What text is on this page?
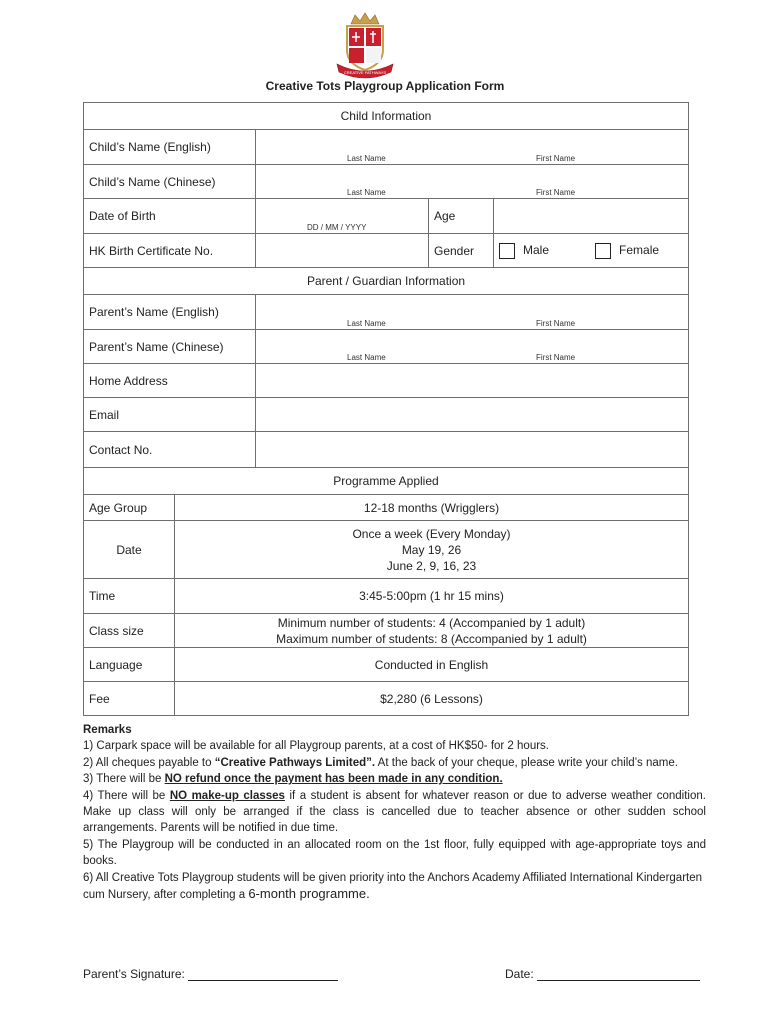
CREATIVE PATHWAYS
Creative Tots Playgroup Application Form
Child Information				
Child’s Name (English)		Last Name First Name		

Child’s Name (Chinese)		Last Name First Name		

Date of Birth		DD / MM / YYYY	Age	
HK Birth Certificate No.			Gender	Male Female
Parent / Guardian Information				
Parent’s Name (English)		Last Name First Name		

Parent’s Name (Chinese)		Last Name First Name		

Home Address				
Email				
Contact No.				
Programme Applied				
Age Group	12-18 months (Wrigglers)			
Date	Once a week (Every Monday)
May 19, 26
June 2, 9, 16, 23			

Time	3:45-5:00pm (1 hr 15 mins)			
Class size	Minimum number of students: 4 (Accompanied by 1 adult)
Maximum number of students: 8 (Accompanied by 1 adult)			

Language	Conducted in English			
Fee	$2,280 (6 Lessons)			
Remarks

1) Carpark space will be available for all Playgroup parents, at a cost of HK$50- for 2 hours.

2) All cheques payable to “Creative Pathways Limited”. At the back of your cheque, please write your child’s name.

3) There will be NO refund once the payment has been made in any condition.

4) There will be NO make-up classes if a student is absent for whatever reason or due to adverse weather condition. Make up class will only be arranged if the class is cancelled due to teacher absence or other sudden school arrangements. Parents will be notified in due time.

5) The Playgroup will be conducted in an allocated room on the 1st floor, fully equipped with age-appropriate toys and books.

6) All Creative Tots Playgroup students will be given priority into the Anchors Academy Affiliated International Kindergarten cum Nursery, after completing a 6-month programme.

Parent’s Signature:	Date:
